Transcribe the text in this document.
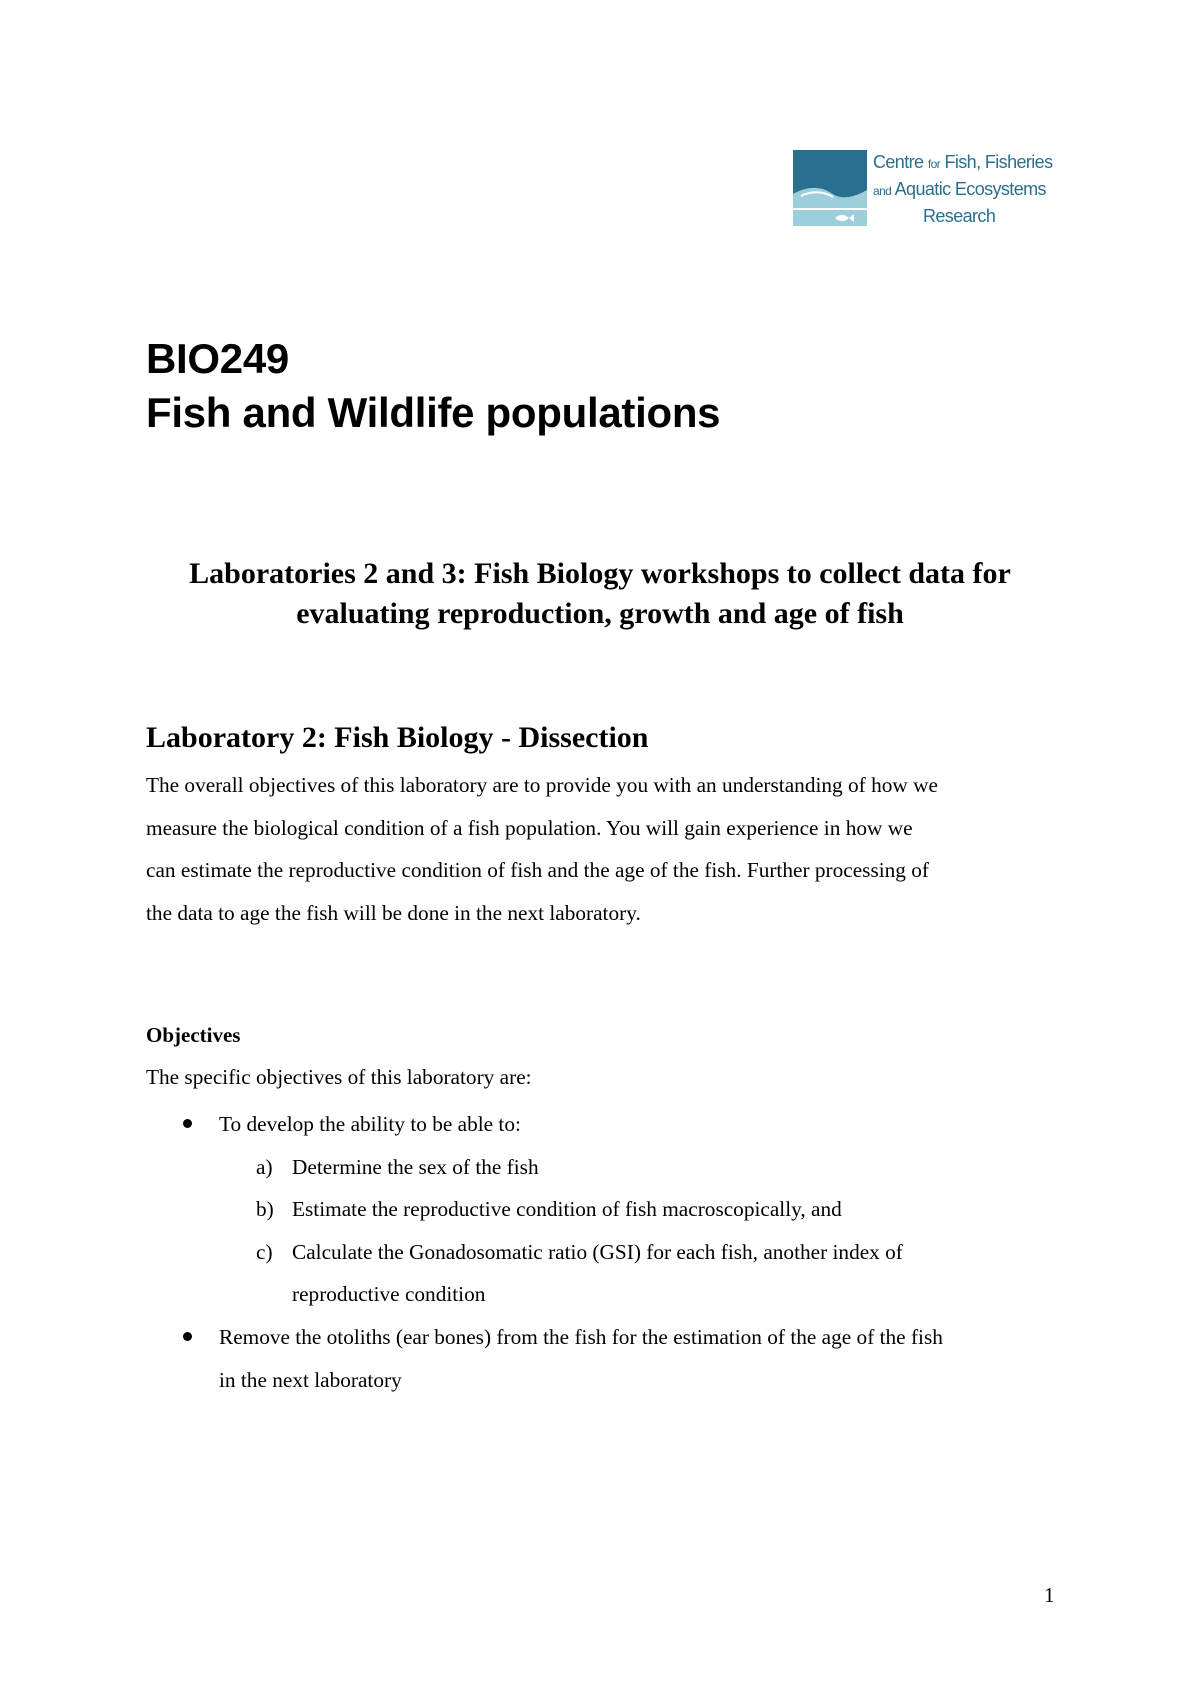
Centre for Fish, Fisheries
and Aquatic Ecosystems
Research
BIO249
Fish and Wildlife populations
Laboratories 2 and 3: Fish Biology workshops to collect data for evaluating reproduction, growth and age of fish
Laboratory 2: Fish Biology - Dissection

The overall objectives of this laboratory are to provide you with an understanding of how we
measure the biological condition of a fish population. You will gain experience in how we
can estimate the reproductive condition of fish and the age of the fish. Further processing of
the data to age the fish will be done in the next laboratory.

Objectives

The specific objectives of this laboratory are:

To develop the ability to be able to:
a) Determine the sex of the fish
b) Estimate the reproductive condition of fish macroscopically, and
c) Calculate the Gonadosomatic ratio (GSI) for each fish, another index of
reproductive condition
Remove the otoliths (ear bones) from the fish for the estimation of the age of the fish
in the next laboratory

1
